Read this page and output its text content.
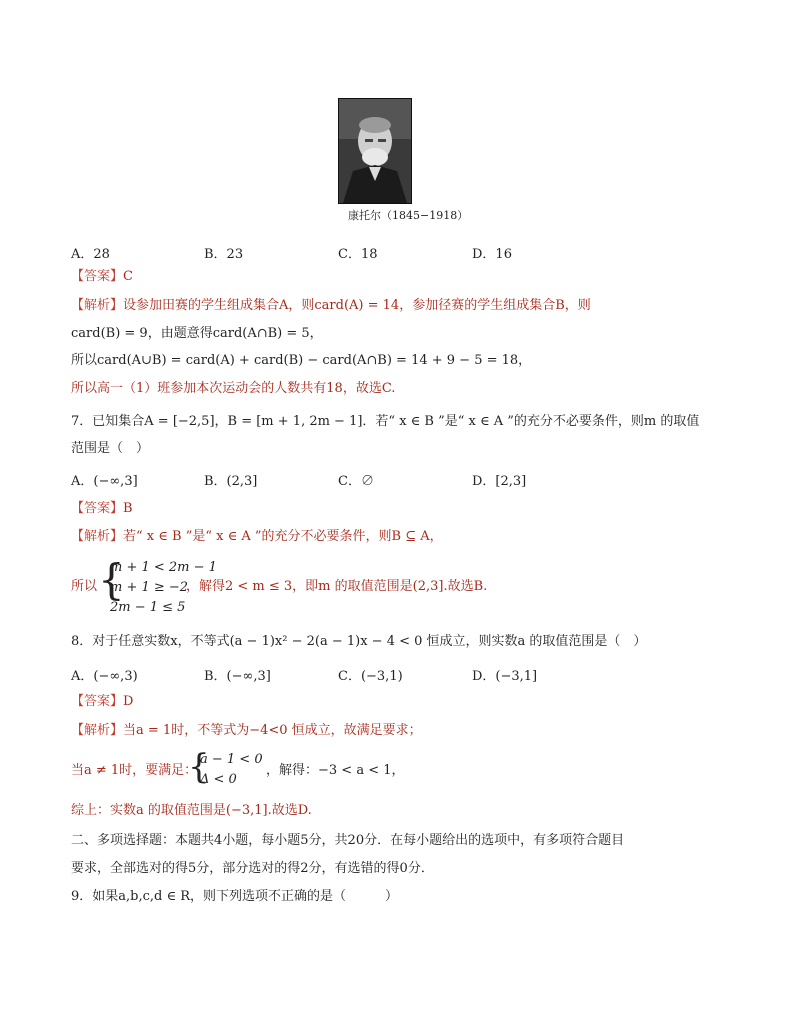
康托尔（1845−1918）
A．28	B．23	C．18	D．16
【答案】C
【解析】设参加田赛的学生组成集合A，则card(A) = 14，参加径赛的学生组成集合B，则
card(B) = 9，由题意得card(A∩B) = 5，
所以card(A∪B) = card(A) + card(B) − card(A∩B) = 14 + 9 − 5 = 18，
所以高一（1）班参加本次运动会的人数共有18，故选C.
7．已知集合A = [−2,5]，B = [m + 1, 2m − 1]．若“ x ∈ B ”是“ x ∈ A ”的充分不必要条件，则m 的取值
范围是（　）
A．(−∞,3]	B．(2,3]	C．∅	D．[2,3]
【答案】B
【解析】若“ x ∈ B ”是“ x ∈ A ”的充分不必要条件，则B ⊆ A，
所以 {
m + 1 < 2m − 1
m + 1 ≥ −2
2m − 1 ≤ 5
，解得2 < m ≤ 3，即m 的取值范围是(2,3].故选B.
8．对于任意实数x，不等式(a − 1)x² − 2(a − 1)x − 4 < 0 恒成立，则实数a 的取值范围是（　）
A．(−∞,3)	B．(−∞,3]	C．(−3,1)	D．(−3,1]
【答案】D
【解析】当a = 1时，不等式为−4<0 恒成立，故满足要求；
当a ≠ 1时，要满足：
{
a − 1 < 0
Δ < 0
，解得：−3 < a < 1，
综上：实数a 的取值范围是(−3,1].故选D.
二、多项选择题：本题共4小题，每小题5分，共20分．在每小题给出的选项中，有多项符合题目
要求，全部选对的得5分，部分选对的得2分，有选错的得0分．
9．如果a,b,c,d ∈ R，则下列选项不正确的是（　　　）
